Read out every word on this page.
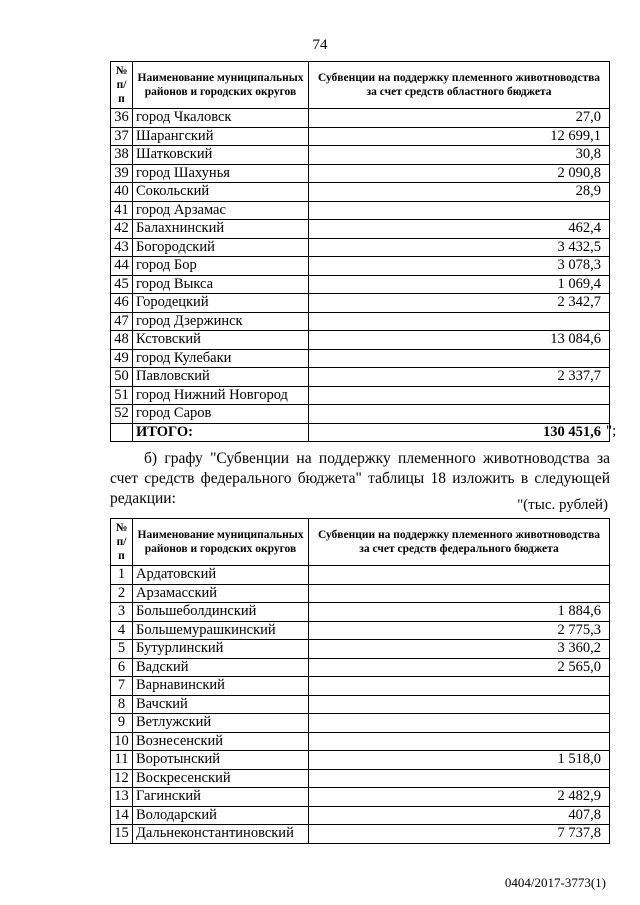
74
№ п/п	Наименование муниципальных районов и городских округов	Субвенции на поддержку племенного животноводства за счет средств областного бюджета
36	город Чкаловск	27,0
37	Шарангский	12 699,1
38	Шатковский	30,8
39	город Шахунья	2 090,8
40	Сокольский	28,9
41	город Арзамас	
42	Балахнинский	462,4
43	Богородский	3 432,5
44	город Бор	3 078,3
45	город Выкса	1 069,4
46	Городецкий	2 342,7
47	город Дзержинск	
48	Кстовский	13 084,6
49	город Кулебаки	
50	Павловский	2 337,7
51	город Нижний Новгород	
52	город Саров	
	ИТОГО:	130 451,6 ";
б) графу "Субвенции на поддержку племенного животноводства за счет средств федерального бюджета" таблицы 18 изложить в следующей редакции:	"(тыс. рублей)
№ п/п	Наименование муниципальных районов и городских округов	Субвенции на поддержку племенного животноводства за счет средств федерального бюджета
1	Ардатовский	
2	Арзамасский	
3	Большеболдинский	1 884,6
4	Большемурашкинский	2 775,3
5	Бутурлинский	3 360,2
6	Вадский	2 565,0
7	Варнавинский	
8	Вачский	
9	Ветлужский	
10	Вознесенский	
11	Воротынский	1 518,0
12	Воскресенский	
13	Гагинский	2 482,9
14	Володарский	407,8
15	Дальнеконстантиновский	7 737,8
0404/2017-3773(1)
